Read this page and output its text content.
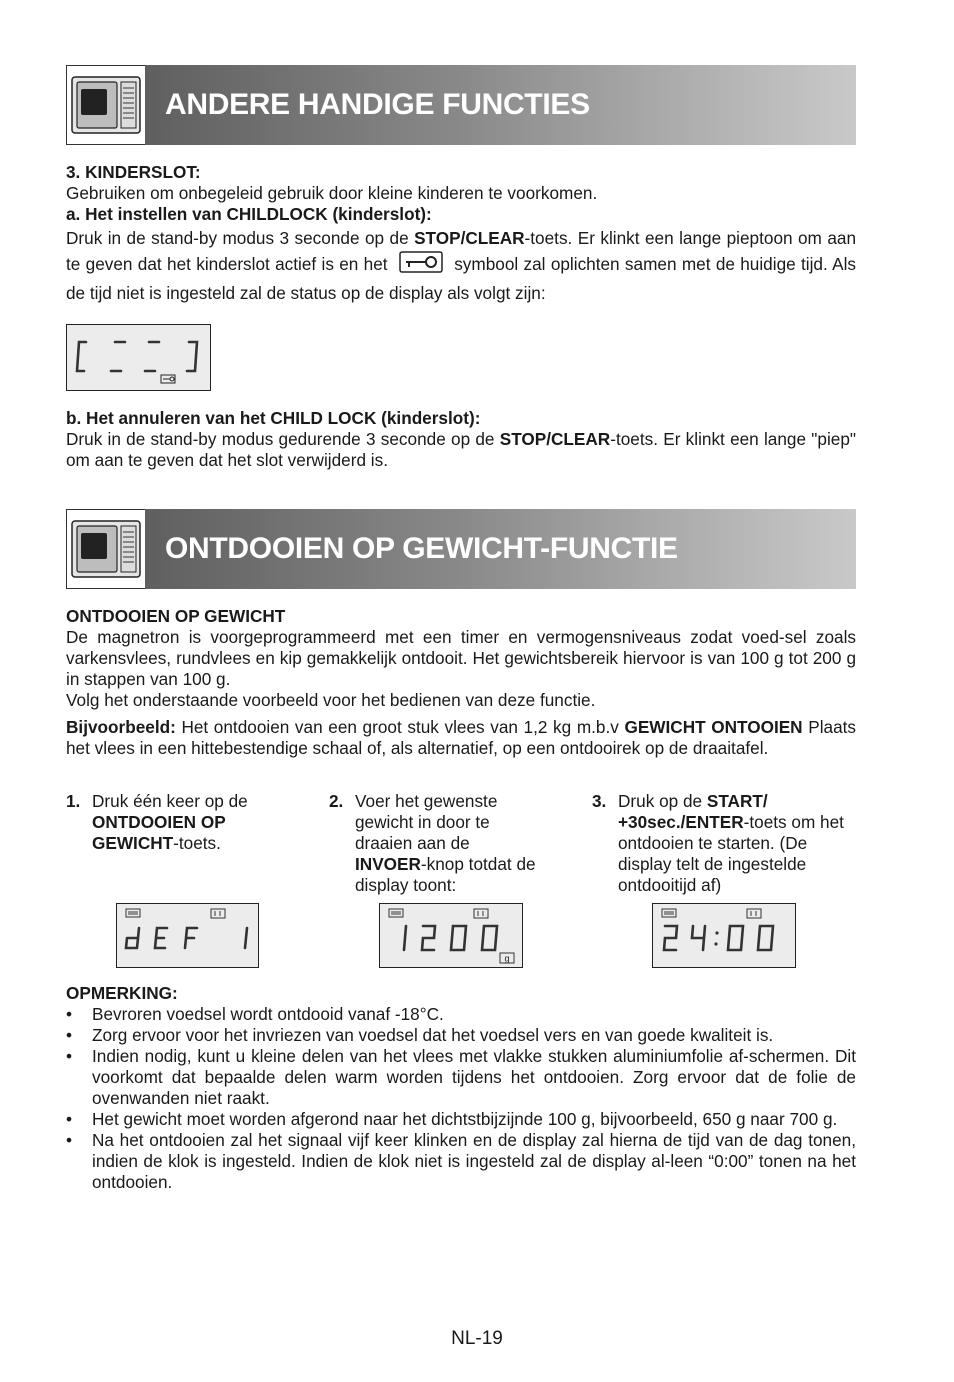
ANDERE HANDIGE FUNCTIES

3. KINDERSLOT:

Gebruiken om onbegeleid gebruik door kleine kinderen te voorkomen.

a. Het instellen van CHILDLOCK (kinderslot):

Druk in de stand-by modus 3 seconde op de STOP/CLEAR-toets. Er klinkt een lange pieptoon om aan te geven dat het kinderslot actief is en het	symbool zal oplichten samen met de huidige tijd. Als de tijd niet is ingesteld zal de status op de display als volgt zijn:

b. Het annuleren van het CHILD LOCK (kinderslot):

Druk in de stand-by modus gedurende 3 seconde op de STOP/CLEAR-toets. Er klinkt een lange "piep" om aan te geven dat het slot verwijderd is.

ONTDOOIEN OP GEWICHT-FUNCTIE

ONTDOOIEN OP GEWICHT

De magnetron is voorgeprogrammeerd met een timer en vermogensniveaus zodat voed-sel zoals varkensvlees, rundvlees en kip gemakkelijk ontdooit. Het gewichtsbereik hiervoor is van 100 g tot 200 g in stappen van 100 g.

Volg het onderstaande voorbeeld voor het bedienen van deze functie.

Bijvoorbeeld: Het ontdooien van een groot stuk vlees van 1,2 kg m.b.v GEWICHT ONTOOIEN Plaats het vlees in een hittebestendige schaal of, als alternatief, op een ontdooirek op de draaitafel.

1. Druk één keer op de ONTDOOIEN OP GEWICHT-toets.
2. Voer het gewenste gewicht in door te draaien aan de INVOER-knop totdat de display toont:
3. Druk op de START/ +30sec./ENTER-toets om het ontdooien te starten. (De display telt de ingestelde ontdooitijd af)
g

OPMERKING:

• Bevroren voedsel wordt ontdooid vanaf -18°C.
• Zorg ervoor voor het invriezen van voedsel dat het voedsel vers en van goede kwaliteit is.
• Indien nodig, kunt u kleine delen van het vlees met vlakke stukken aluminiumfolie af-schermen. Dit voorkomt dat bepaalde delen warm worden tijdens het ontdooien. Zorg ervoor dat de folie de ovenwanden niet raakt.
• Het gewicht moet worden afgerond naar het dichtstbijzijnde 100 g, bijvoorbeeld, 650 g naar 700 g.
• Na het ontdooien zal het signaal vijf keer klinken en de display zal hierna de tijd van de dag tonen, indien de klok is ingesteld. Indien de klok niet is ingesteld zal de display al-leen “0:00” tonen na het ontdooien.
NL-19
